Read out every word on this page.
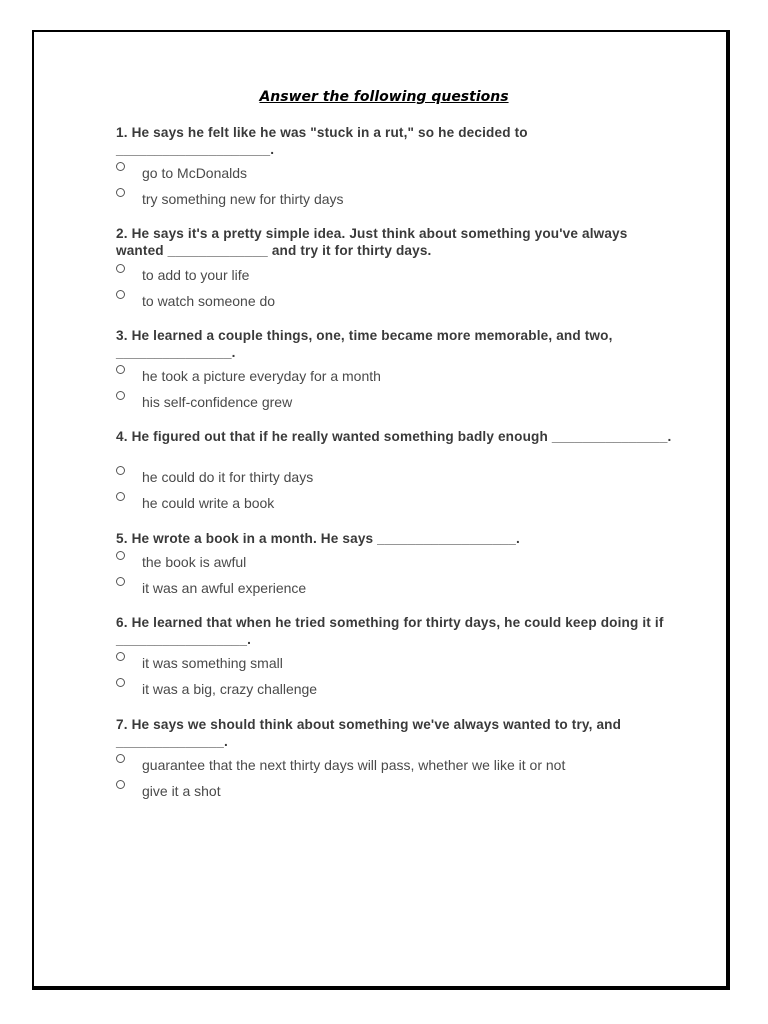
Answer the following questions
1. He says he felt like he was "stuck in a rut," so he decided to ____________________.
go to McDonalds
try something new for thirty days
2. He says it's a pretty simple idea. Just think about something you've always wanted _____________ and try it for thirty days.
to add to your life
to watch someone do
3. He learned a couple things, one, time became more memorable, and two, _______________.
he took a picture everyday for a month
his self-confidence grew
4. He figured out that if he really wanted something badly enough _______________.
he could do it for thirty days
he could write a book
5. He wrote a book in a month. He says __________________.
the book is awful
it was an awful experience
6. He learned that when he tried something for thirty days, he could keep doing it if _________________.
it was something small
it was a big, crazy challenge
7. He says we should think about something we've always wanted to try, and ______________.
guarantee that the next thirty days will pass, whether we like it or not
give it a shot
